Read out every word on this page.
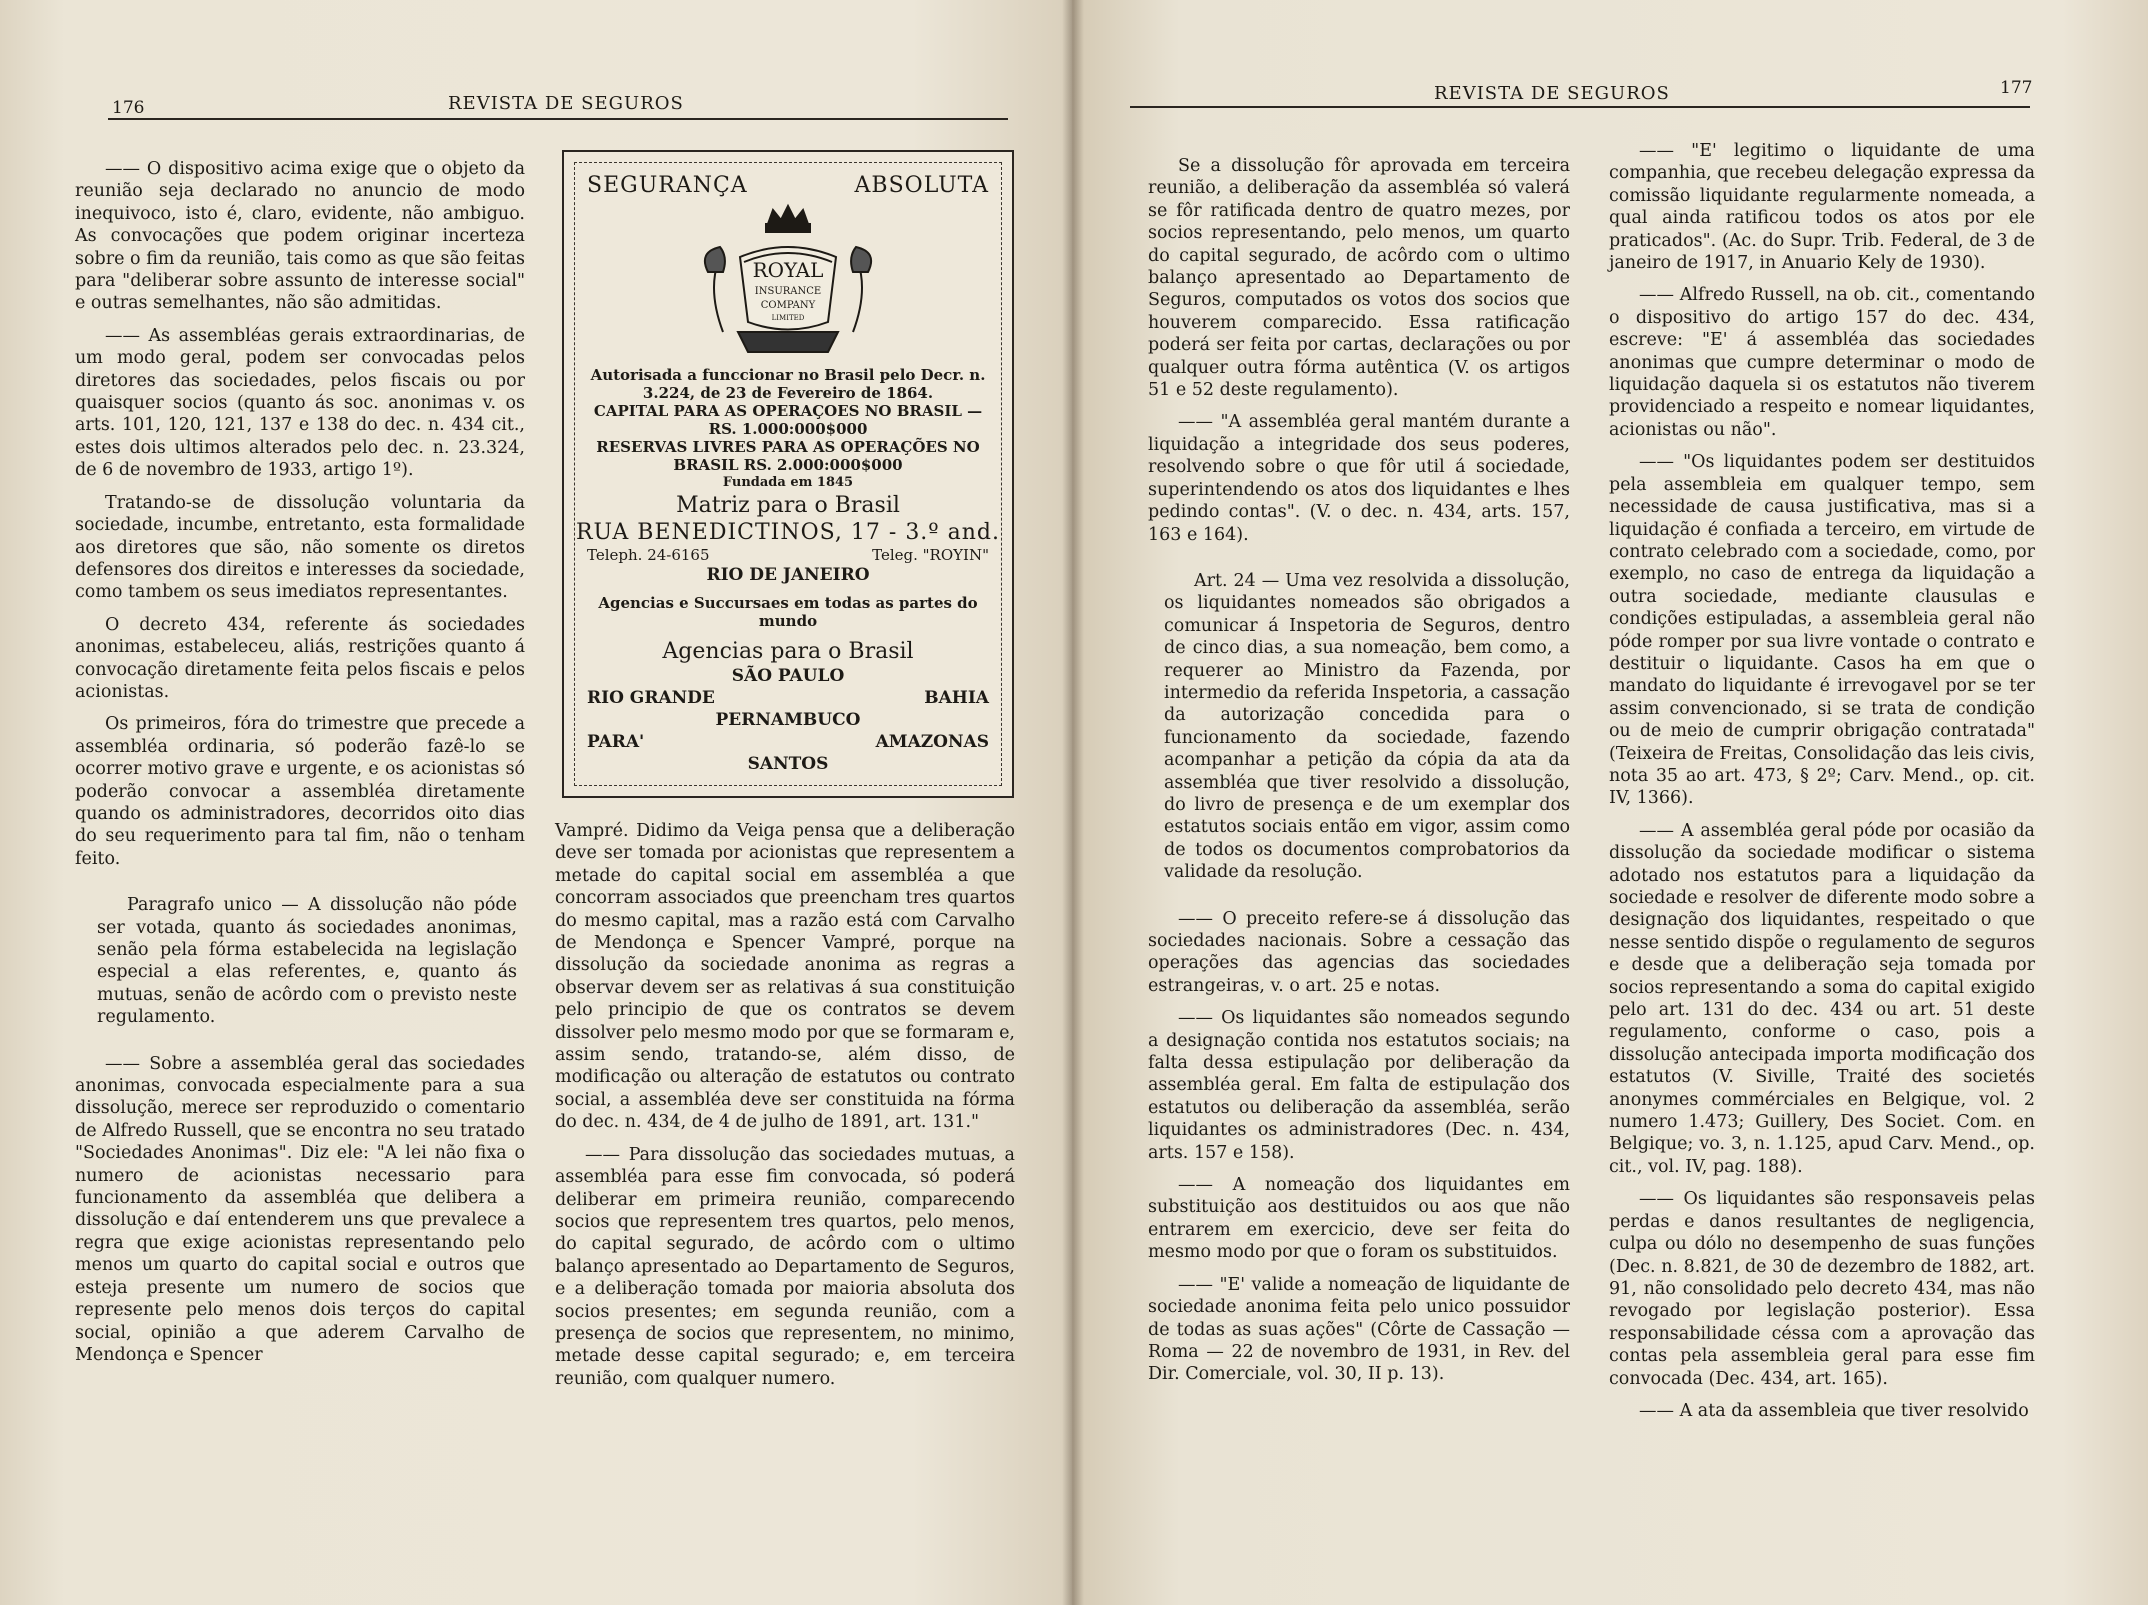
176	REVISTA DE SEGUROS

—— O dispositivo acima exige que o objeto da reunião seja declarado no anuncio de modo inequivoco, isto é, claro, evidente, não ambiguo. As convocações que podem originar incerteza sobre o fim da reunião, tais como as que são feitas para "deliberar sobre assunto de interesse social" e outras semelhantes, não são admitidas.

—— As assembléas gerais extraordinarias, de um modo geral, podem ser convocadas pelos diretores das sociedades, pelos fiscais ou por quaisquer socios (quanto ás soc. anonimas v. os arts. 101, 120, 121, 137 e 138 do dec. n. 434 cit., estes dois ultimos alterados pelo dec. n. 23.324, de 6 de novembro de 1933, artigo 1º).

Tratando-se de dissolução voluntaria da sociedade, incumbe, entretanto, esta formalidade aos diretores que são, não somente os diretos defensores dos direitos e interesses da sociedade, como tambem os seus imediatos representantes.

O decreto 434, referente ás sociedades anonimas, estabeleceu, aliás, restrições quanto á convocação diretamente feita pelos fiscais e pelos acionistas.

Os primeiros, fóra do trimestre que precede a assembléa ordinaria, só poderão fazê-lo se ocorrer motivo grave e urgente, e os acionistas só poderão convocar a assembléa diretamente quando os administradores, decorridos oito dias do seu requerimento para tal fim, não o tenham feito.

Paragrafo unico — A dissolução não póde ser votada, quanto ás sociedades anonimas, senão pela fórma estabelecida na legislação especial a elas referentes, e, quanto ás mutuas, senão de acôrdo com o previsto neste regulamento.

—— Sobre a assembléa geral das sociedades anonimas, convocada especialmente para a sua dissolução, merece ser reproduzido o comentario de Alfredo Russell, que se encontra no seu tratado "Sociedades Anonimas". Diz ele: "A lei não fixa o numero de acionistas necessario para funcionamento da assembléa que delibera a dissolução e daí entenderem uns que prevalece a regra que exige acionistas representando pelo menos um quarto do capital social e outros que esteja presente um numero de socios que represente pelo menos dois terços do capital social, opinião a que aderem Carvalho de Mendonça e Spencer

SEGURANÇA	ABSOLUTA
ROYAL
INSURANCE
COMPANY
LIMITED
Autorisada a funccionar no Brasil pelo Decr. n. 3.224, de 23 de Fevereiro de 1864.
CAPITAL PARA AS OPERAÇOES NO BRASIL — RS. 1.000:000$000
RESERVAS LIVRES PARA AS OPERAÇÕES NO BRASIL RS. 2.000:000$000
Fundada em 1845
Matriz para o Brasil
RUA BENEDICTINOS, 17 - 3.º and.
Teleph. 24-6165	Teleg. "ROYIN"
RIO DE JANEIRO
Agencias e Succursaes em todas as partes do mundo
Agencias para o Brasil
SÃO PAULO
RIO GRANDE	BAHIA
PERNAMBUCO
PARA'	AMAZONAS
SANTOS

Vampré. Didimo da Veiga pensa que a deliberação deve ser tomada por acionistas que representem a metade do capital social em assembléa a que concorram associados que preencham tres quartos do mesmo capital, mas a razão está com Carvalho de Mendonça e Spencer Vampré, porque na dissolução da sociedade anonima as regras a observar devem ser as relativas á sua constituição pelo principio de que os contratos se devem dissolver pelo mesmo modo por que se formaram e, assim sendo, tratando-se, além disso, de modificação ou alteração de estatutos ou contrato social, a assembléa deve ser constituida na fórma do dec. n. 434, de 4 de julho de 1891, art. 131."

—— Para dissolução das sociedades mutuas, a assembléa para esse fim convocada, só poderá deliberar em primeira reunião, comparecendo socios que representem tres quartos, pelo menos, do capital segurado, de acôrdo com o ultimo balanço apresentado ao Departamento de Seguros, e a deliberação tomada por maioria absoluta dos socios presentes; em segunda reunião, com a presença de socios que representem, no minimo, metade desse capital segurado; e, em terceira reunião, com qualquer numero.

REVISTA DE SEGUROS	177

Se a dissolução fôr aprovada em terceira reunião, a deliberação da assembléa só valerá se fôr ratificada dentro de quatro mezes, por socios representando, pelo menos, um quarto do capital segurado, de acôrdo com o ultimo balanço apresentado ao Departamento de Seguros, computados os votos dos socios que houverem comparecido. Essa ratificação poderá ser feita por cartas, declarações ou por qualquer outra fórma autêntica (V. os artigos 51 e 52 deste regulamento).

—— "A assembléa geral mantém durante a liquidação a integridade dos seus poderes, resolvendo sobre o que fôr util á sociedade, superintendendo os atos dos liquidantes e lhes pedindo contas". (V. o dec. n. 434, arts. 157, 163 e 164).

Art. 24 — Uma vez resolvida a dissolução, os liquidantes nomeados são obrigados a comunicar á Inspetoria de Seguros, dentro de cinco dias, a sua nomeação, bem como, a requerer ao Ministro da Fazenda, por intermedio da referida Inspetoria, a cassação da autorização concedida para o funcionamento da sociedade, fazendo acompanhar a petição da cópia da ata da assembléa que tiver resolvido a dissolução, do livro de presença e de um exemplar dos estatutos sociais então em vigor, assim como de todos os documentos comprobatorios da validade da resolução.

—— O preceito refere-se á dissolução das sociedades nacionais. Sobre a cessação das operações das agencias das sociedades estrangeiras, v. o art. 25 e notas.

—— Os liquidantes são nomeados segundo a designação contida nos estatutos sociais; na falta dessa estipulação por deliberação da assembléa geral. Em falta de estipulação dos estatutos ou deliberação da assembléa, serão liquidantes os administradores (Dec. n. 434, arts. 157 e 158).

—— A nomeação dos liquidantes em substituição aos destituidos ou aos que não entrarem em exercicio, deve ser feita do mesmo modo por que o foram os substituidos.

—— "E' valide a nomeação de liquidante de sociedade anonima feita pelo unico possuidor de todas as suas ações" (Côrte de Cassação — Roma — 22 de novembro de 1931, in Rev. del Dir. Comerciale, vol. 30, II p. 13).

—— "E' legitimo o liquidante de uma companhia, que recebeu delegação expressa da comissão liquidante regularmente nomeada, a qual ainda ratificou todos os atos por ele praticados". (Ac. do Supr. Trib. Federal, de 3 de janeiro de 1917, in Anuario Kely de 1930).

—— Alfredo Russell, na ob. cit., comentando o dispositivo do artigo 157 do dec. 434, escreve: "E' á assembléa das sociedades anonimas que cumpre determinar o modo de liquidação daquela si os estatutos não tiverem providenciado a respeito e nomear liquidantes, acionistas ou não".

—— "Os liquidantes podem ser destituidos pela assembleia em qualquer tempo, sem necessidade de causa justificativa, mas si a liquidação é confiada a terceiro, em virtude de contrato celebrado com a sociedade, como, por exemplo, no caso de entrega da liquidação a outra sociedade, mediante clausulas e condições estipuladas, a assembleia geral não póde romper por sua livre vontade o contrato e destituir o liquidante. Casos ha em que o mandato do liquidante é irrevogavel por se ter assim convencionado, si se trata de condição ou de meio de cumprir obrigação contratada" (Teixeira de Freitas, Consolidação das leis civis, nota 35 ao art. 473, § 2º; Carv. Mend., op. cit. IV, 1366).

—— A assembléa geral póde por ocasião da dissolução da sociedade modificar o sistema adotado nos estatutos para a liquidação da sociedade e resolver de diferente modo sobre a designação dos liquidantes, respeitado o que nesse sentido dispõe o regulamento de seguros e desde que a deliberação seja tomada por socios representando a soma do capital exigido pelo art. 131 do dec. 434 ou art. 51 deste regulamento, conforme o caso, pois a dissolução antecipada importa modificação dos estatutos (V. Siville, Traité des societés anonymes commérciales en Belgique, vol. 2 numero 1.473; Guillery, Des Societ. Com. en Belgique; vo. 3, n. 1.125, apud Carv. Mend., op. cit., vol. IV, pag. 188).

—— Os liquidantes são responsaveis pelas perdas e danos resultantes de negligencia, culpa ou dólo no desempenho de suas funções (Dec. n. 8.821, de 30 de dezembro de 1882, art. 91, não consolidado pelo decreto 434, mas não revogado por legislação posterior). Essa responsabilidade céssa com a aprovação das contas pela assembleia geral para esse fim convocada (Dec. 434, art. 165).

—— A ata da assembleia que tiver resolvido
